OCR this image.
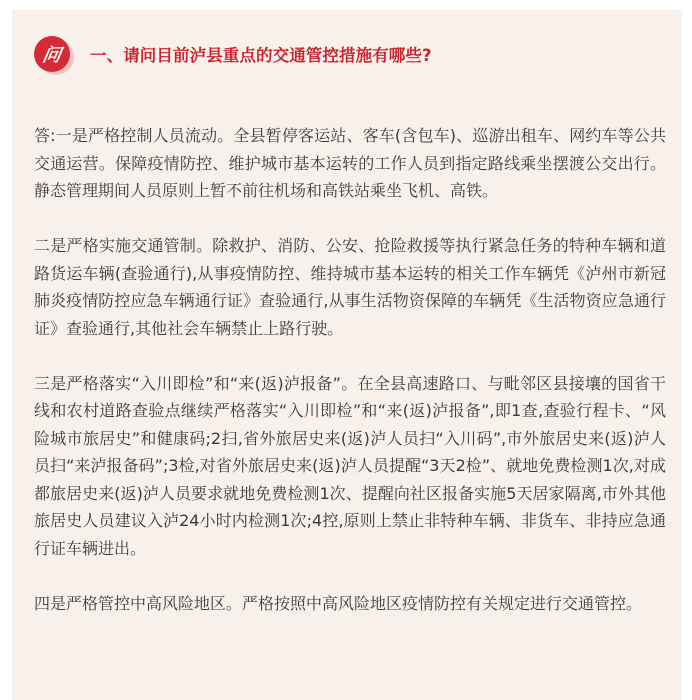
问 一、请问目前泸县重点的交通管控措施有哪些?

答:一是严格控制人员流动。全县暂停客运站、客车(含包车)、巡游出租车、网约车等公共交通运营。保障疫情防控、维护城市基本运转的工作人员到指定路线乘坐摆渡公交出行。静态管理期间人员原则上暂不前往机场和高铁站乘坐飞机、高铁。

二是严格实施交通管制。除救护、消防、公安、抢险救援等执行紧急任务的特种车辆和道路货运车辆(查验通行),从事疫情防控、维持城市基本运转的相关工作车辆凭《泸州市新冠肺炎疫情防控应急车辆通行证》查验通行,从事生活物资保障的车辆凭《生活物资应急通行证》查验通行,其他社会车辆禁止上路行驶。

三是严格落实“入川即检”和“来(返)泸报备”。在全县高速路口、与毗邻区县接壤的国省干线和农村道路查验点继续严格落实“入川即检”和“来(返)泸报备”,即1查,查验行程卡、“风险城市旅居史”和健康码;2扫,省外旅居史来(返)泸人员扫“入川码”,市外旅居史来(返)泸人员扫“来泸报备码”;3检,对省外旅居史来(返)泸人员提醒“3天2检”、就地免费检测1次,对成都旅居史来(返)泸人员要求就地免费检测1次、提醒向社区报备实施5天居家隔离,市外其他旅居史人员建议入泸24小时内检测1次;4控,原则上禁止非特种车辆、非货车、非持应急通行证车辆进出。

四是严格管控中高风险地区。严格按照中高风险地区疫情防控有关规定进行交通管控。
